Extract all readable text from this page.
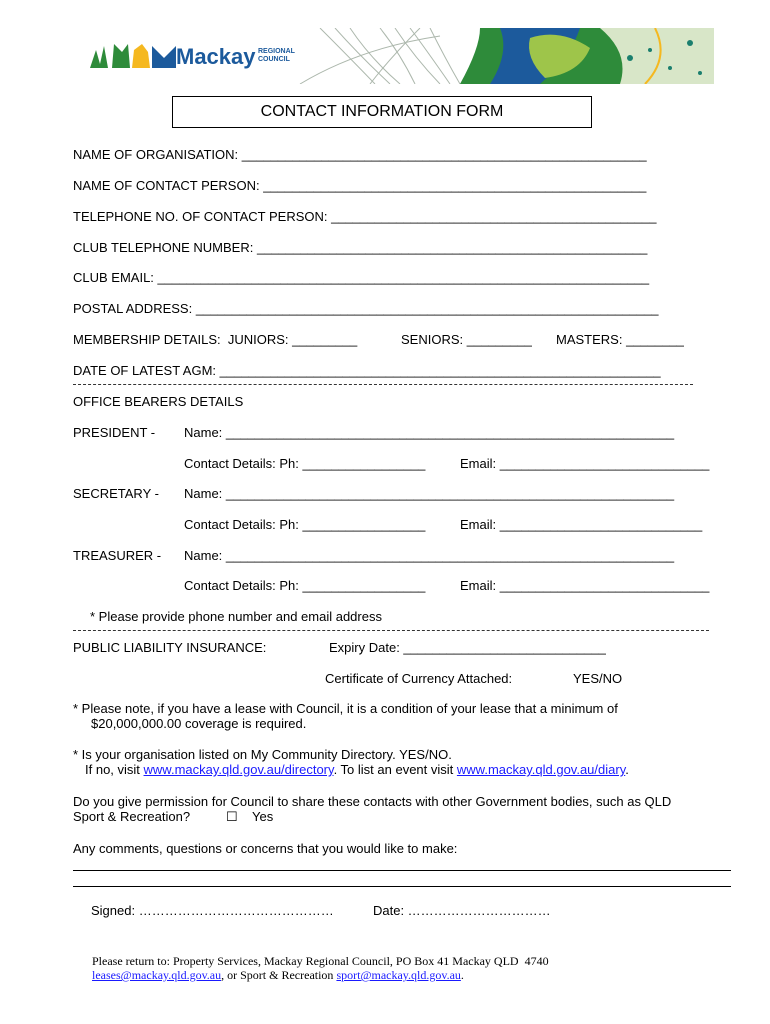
Mackay REGIONAL
COUNCIL
CONTACT INFORMATION FORM
NAME OF ORGANISATION: ________________________________________________________
NAME OF CONTACT PERSON: _____________________________________________________
TELEPHONE NO. OF CONTACT PERSON: _____________________________________________
CLUB TELEPHONE NUMBER: ______________________________________________________
CLUB EMAIL: ____________________________________________________________________
POSTAL ADDRESS: ________________________________________________________________
MEMBERSHIP DETAILS:  JUNIORS: _________	SENIORS: _________ MASTERS: ________
DATE OF LATEST AGM: _____________________________________________________________
OFFICE BEARERS DETAILS
PRESIDENT - Name: ______________________________________________________________
Contact Details: Ph: _________________	Email: _____________________________
SECRETARY - Name: ______________________________________________________________
Contact Details: Ph: _________________	Email: ____________________________
TREASURER - Name: ______________________________________________________________
Contact Details: Ph: _________________	Email: _____________________________
* Please provide phone number and email address
PUBLIC LIABILITY INSURANCE:	Expiry Date: ____________________________
Certificate of Currency Attached:	YES/NO
* Please note, if you have a lease with Council, it is a condition of your lease that a minimum of
$20,000,000.00 coverage is required.
* Is your organisation listed on My Community Directory. YES/NO.
If no, visit www.mackay.qld.gov.au/directory. To list an event visit www.mackay.qld.gov.au/diary.
Do you give permission for Council to share these contacts with other Government bodies, such as QLD
Sport & Recreation?	☐ Yes
Any comments, questions or concerns that you would like to make:
Signed: ………………………………………	Date: ……………………………
Please return to: Property Services, Mackay Regional Council, PO Box 41 Mackay QLD  4740
leases@mackay.qld.gov.au, or Sport & Recreation sport@mackay.qld.gov.au.
